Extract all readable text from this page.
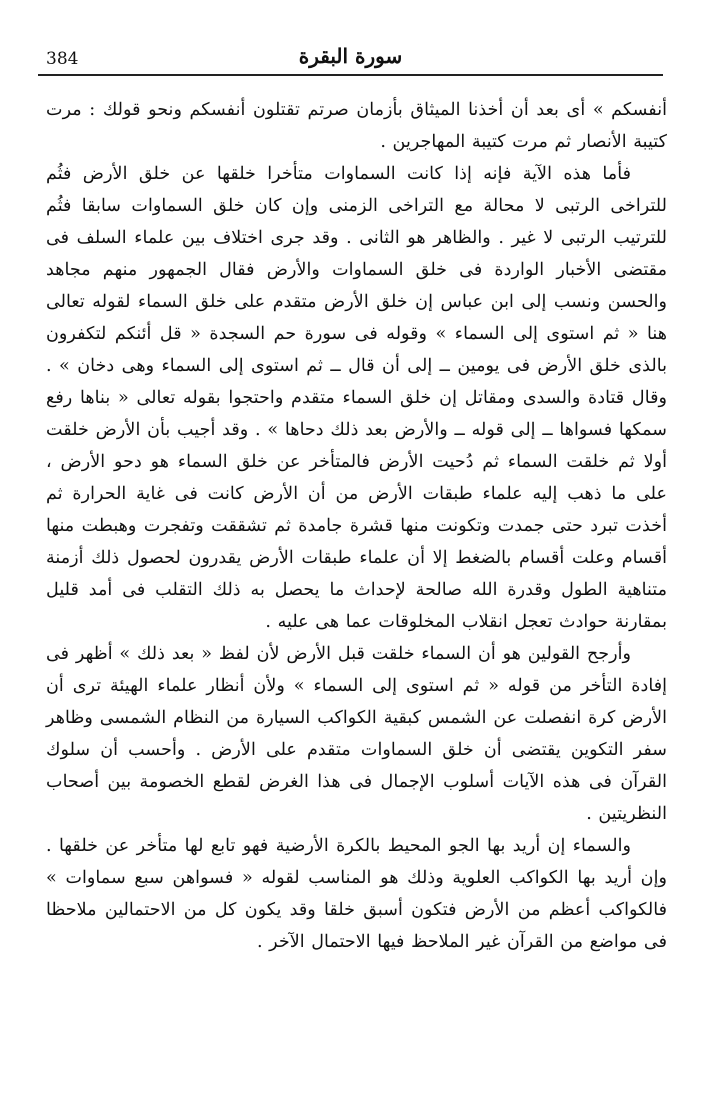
384	سورة البقرة

أنفسكم » أى بعد أن أخذنا الميثاق بأزمان صرتم تقتلون أنفسكم ونحو قولك : مرت كتيبة الأنصار ثم مرت كتيبة المهاجرين .

فأما هذه الآية فإنه إذا كانت السماوات متأخرا خلقها عن خلق الأرض فثُم للتراخى الرتبى لا محالة مع التراخى الزمنى وإن كان خلق السماوات سابقا فثُم للترتيب الرتبى لا غير . والظاهر هو الثانى . وقد جرى اختلاف بين علماء السلف فى مقتضى الأخبار الواردة فى خلق السماوات والأرض فقال الجمهور منهم مجاهد والحسن ونسب إلى ابن عباس إن خلق الأرض متقدم على خلق السماء لقوله تعالى هنا « ثم استوى إلى السماء » وقوله فى سورة حم السجدة « قل أئنكم لتكفرون بالذى خلق الأرض فى يومين ــ إلى أن قال ــ ثم استوى إلى السماء وهى دخان » . وقال قتادة والسدى ومقاتل إن خلق السماء متقدم واحتجوا بقوله تعالى « بناها رفع سمكها فسواها ــ إلى قوله ــ والأرض بعد ذلك دحاها » . وقد أجيب بأن الأرض خلقت أولا ثم خلقت السماء ثم دُحيت الأرض فالمتأخر عن خلق السماء هو دحو الأرض ، على ما ذهب إليه علماء طبقات الأرض من أن الأرض كانت فى غاية الحرارة ثم أخذت تبرد حتى جمدت وتكونت منها قشرة جامدة ثم تشققت وتفجرت وهبطت منها أقسام وعلت أقسام بالضغط إلا أن علماء طبقات الأرض يقدرون لحصول ذلك أزمنة متناهية الطول وقدرة الله صالحة لإحداث ما يحصل به ذلك التقلب فى أمد قليل بمقارنة حوادث تعجل انقلاب المخلوقات عما هى عليه .

وأرجح القولين هو أن السماء خلقت قبل الأرض لأن لفظ « بعد ذلك » أظهر فى إفادة التأخر من قوله « ثم استوى إلى السماء » ولأن أنظار علماء الهيئة ترى أن الأرض كرة انفصلت عن الشمس كبقية الكواكب السيارة من النظام الشمسى وظاهر سفر التكوين يقتضى أن خلق السماوات متقدم على الأرض . وأحسب أن سلوك القرآن فى هذه الآيات أسلوب الإجمال فى هذا الغرض لقطع الخصومة بين أصحاب النظريتين .

والسماء إن أريد بها الجو المحيط بالكرة الأرضية فهو تابع لها متأخر عن خلقها . وإن أريد بها الكواكب العلوية وذلك هو المناسب لقوله « فسواهن سبع سماوات » فالكواكب أعظم من الأرض فتكون أسبق خلقا وقد يكون كل من الاحتمالين ملاحظا فى مواضع من القرآن غير الملاحظ فيها الاحتمال الآخر .
